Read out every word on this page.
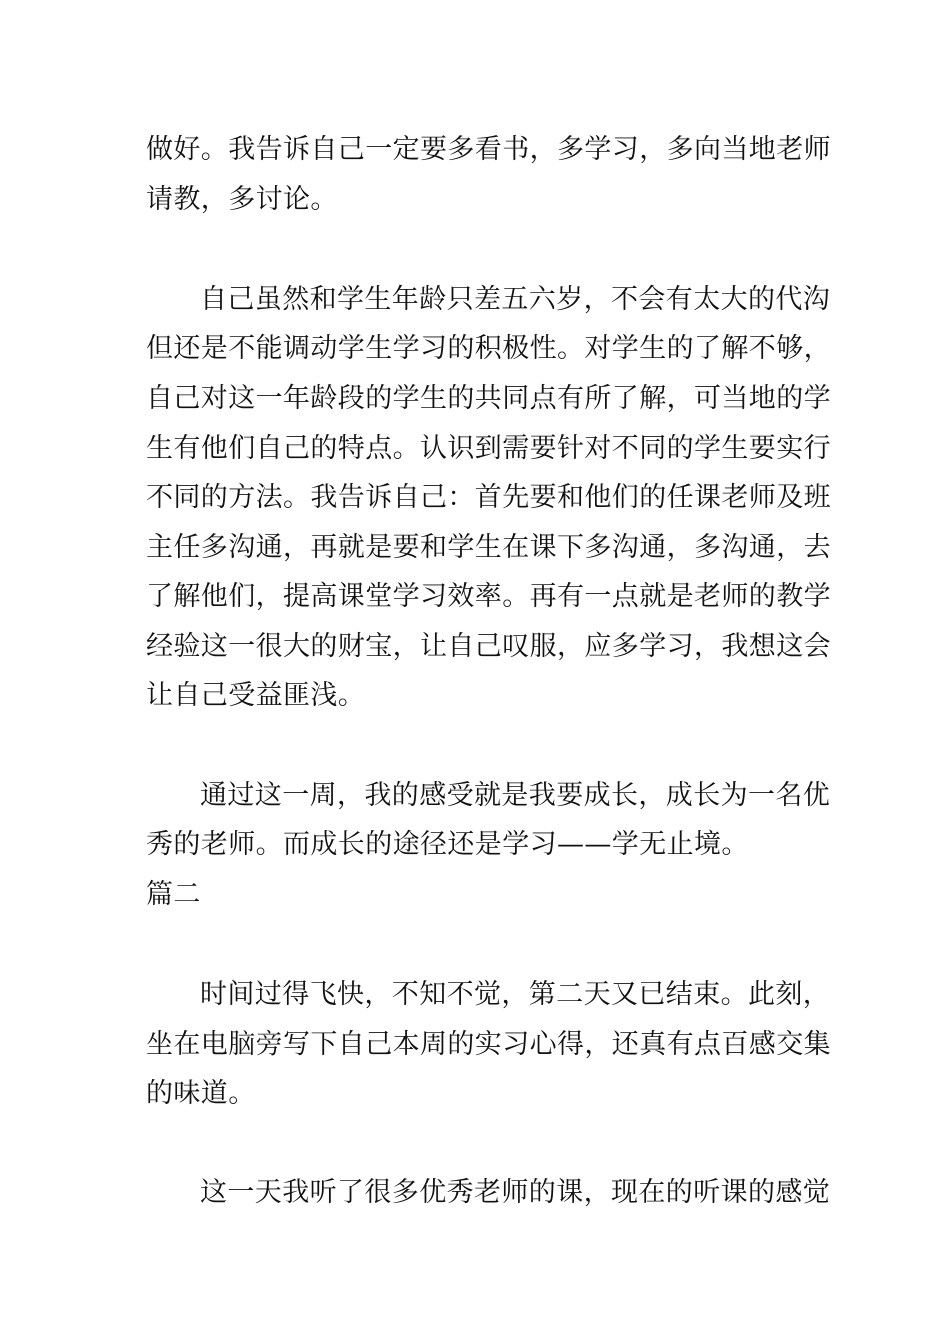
做好。我告诉自己一定要多看书，多学习，多向当地老师
请教，多讨论。
自己虽然和学生年龄只差五六岁，不会有太大的代沟
但还是不能调动学生学习的积极性。对学生的了解不够，
自己对这一年龄段的学生的共同点有所了解，可当地的学
生有他们自己的特点。认识到需要针对不同的学生要实行
不同的方法。我告诉自己：首先要和他们的任课老师及班
主任多沟通，再就是要和学生在课下多沟通，多沟通，去
了解他们，提高课堂学习效率。再有一点就是老师的教学
经验这一很大的财宝，让自己叹服，应多学习，我想这会
让自己受益匪浅。
通过这一周，我的感受就是我要成长，成长为一名优
秀的老师。而成长的途径还是学习——学无止境。
篇二
时间过得飞快，不知不觉，第二天又已结束。此刻，
坐在电脑旁写下自己本周的实习心得，还真有点百感交集
的味道。
这一天我听了很多优秀老师的课，现在的听课的感觉
